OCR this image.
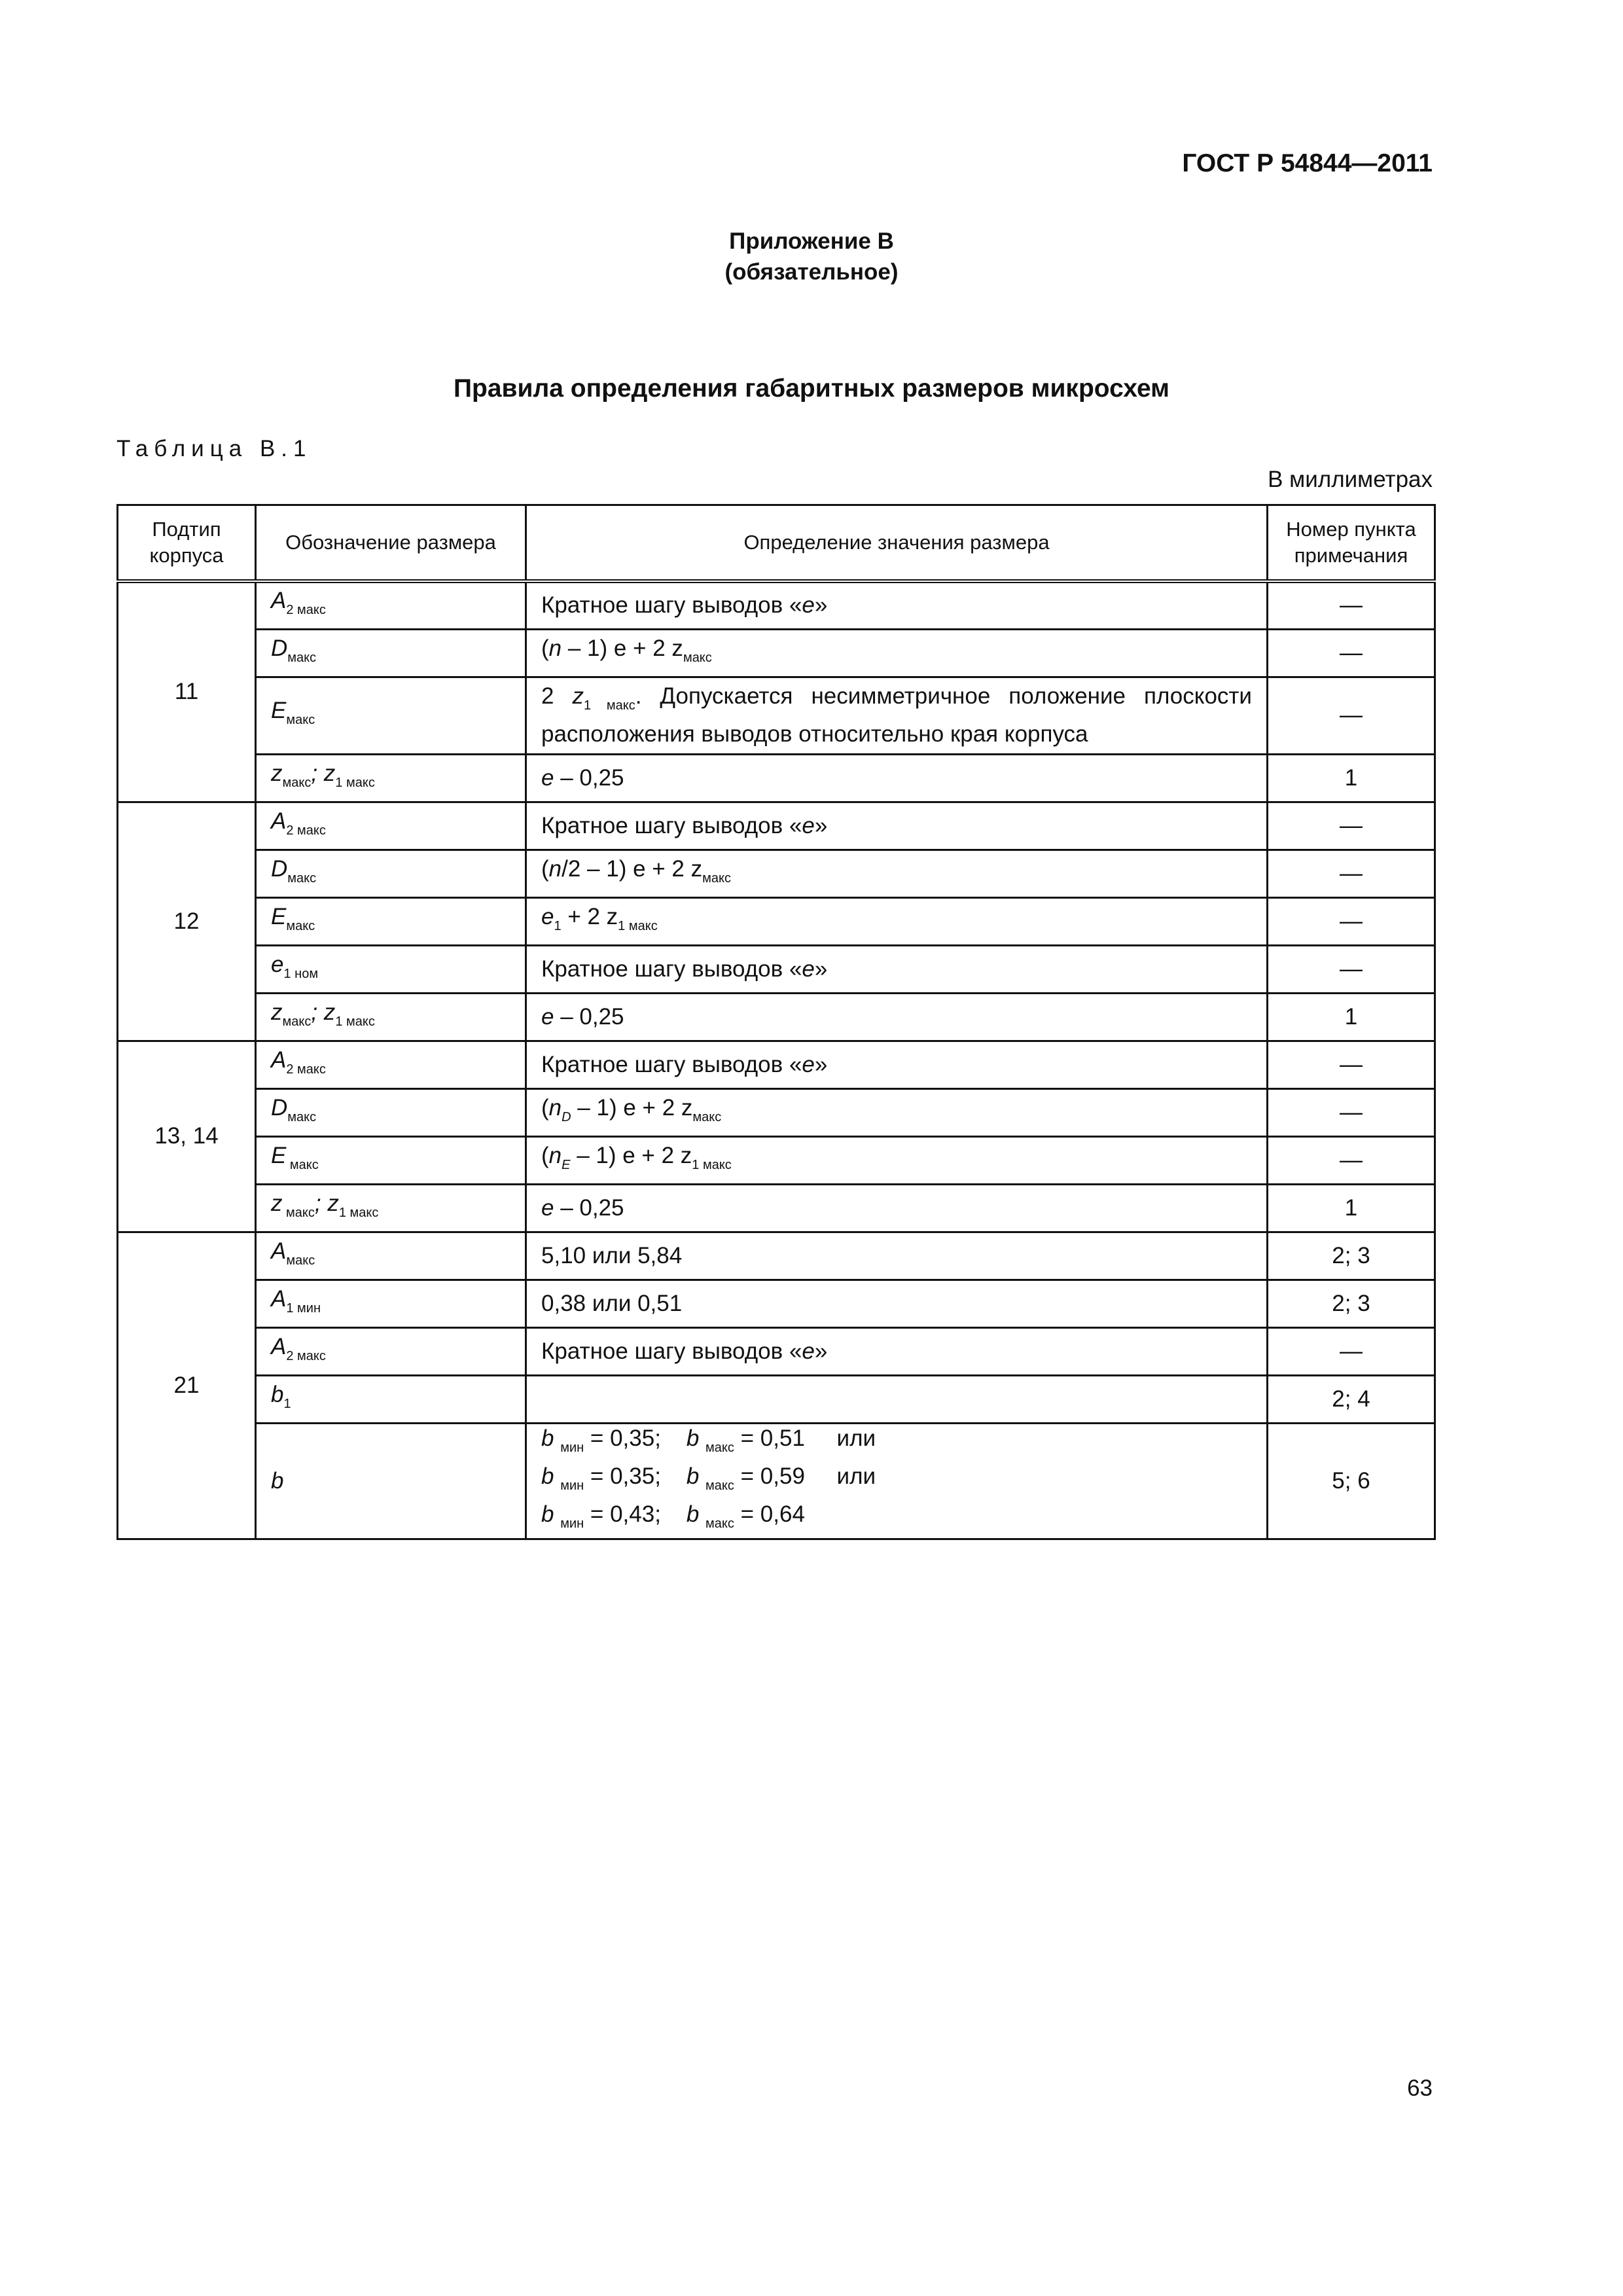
ГОСТ Р 54844—2011
Приложение В
(обязательное)
Правила определения габаритных размеров микросхем
Таблица В.1
В миллиметрах
Подтип корпуса	Обозначение размера	Определение значения размера	Номер пункта примечания
11	$A_{2 макс}$	Кратное шагу выводов «e»	—
	$D_{макс}$	(n – 1) e + 2 $z_{макс}$	—
	$E_{макс}$	2 $z_{1 макс}$. Допускается несимметричное положение плоскости расположения выводов относительно края корпуса	—
	$z_{макс}$; $z_{1 макс}$	e – 0,25	1
12	$A_{2 макс}$	Кратное шагу выводов «e»	—
	$D_{макс}$	(n/2 – 1) e + 2 $z_{макс}$	—
	$E_{макс}$	$e_1 + 2$ $z_{1 макс}$	—
	$e_{1 ном}$	Кратное шагу выводов «e»	—
	$z_{макс}$; $z_{1 макс}$	e – 0,25	1
13, 14	$A_{2 макс}$	Кратное шагу выводов «e»	—
	$D_{макс}$	$(n_D - 1) e + 2$ $z_{макс}$	—
	E $_{макс}$	$(n_E - 1) e + 2$ $z_{1 макс}$	—
	z $_{макс}$; $z_{1 макс}$	e – 0,25	1
21	$A_{макс}$	5,10 или 5,84	2; 3
	$A_{1 мин}$	0,38 или 0,51	2; 3
	$A_{2 макс}$	Кратное шагу выводов «e»	—
	$b_1$		2; 4
	b	b $_{мин}$ = 0,35; b $_{макс}$ = 0,51 или
b $_{мин}$ = 0,35; b $_{макс}$ = 0,59 или
b $_{мин}$ = 0,43; b $_{макс}$ = 0,64	5; 6
63
